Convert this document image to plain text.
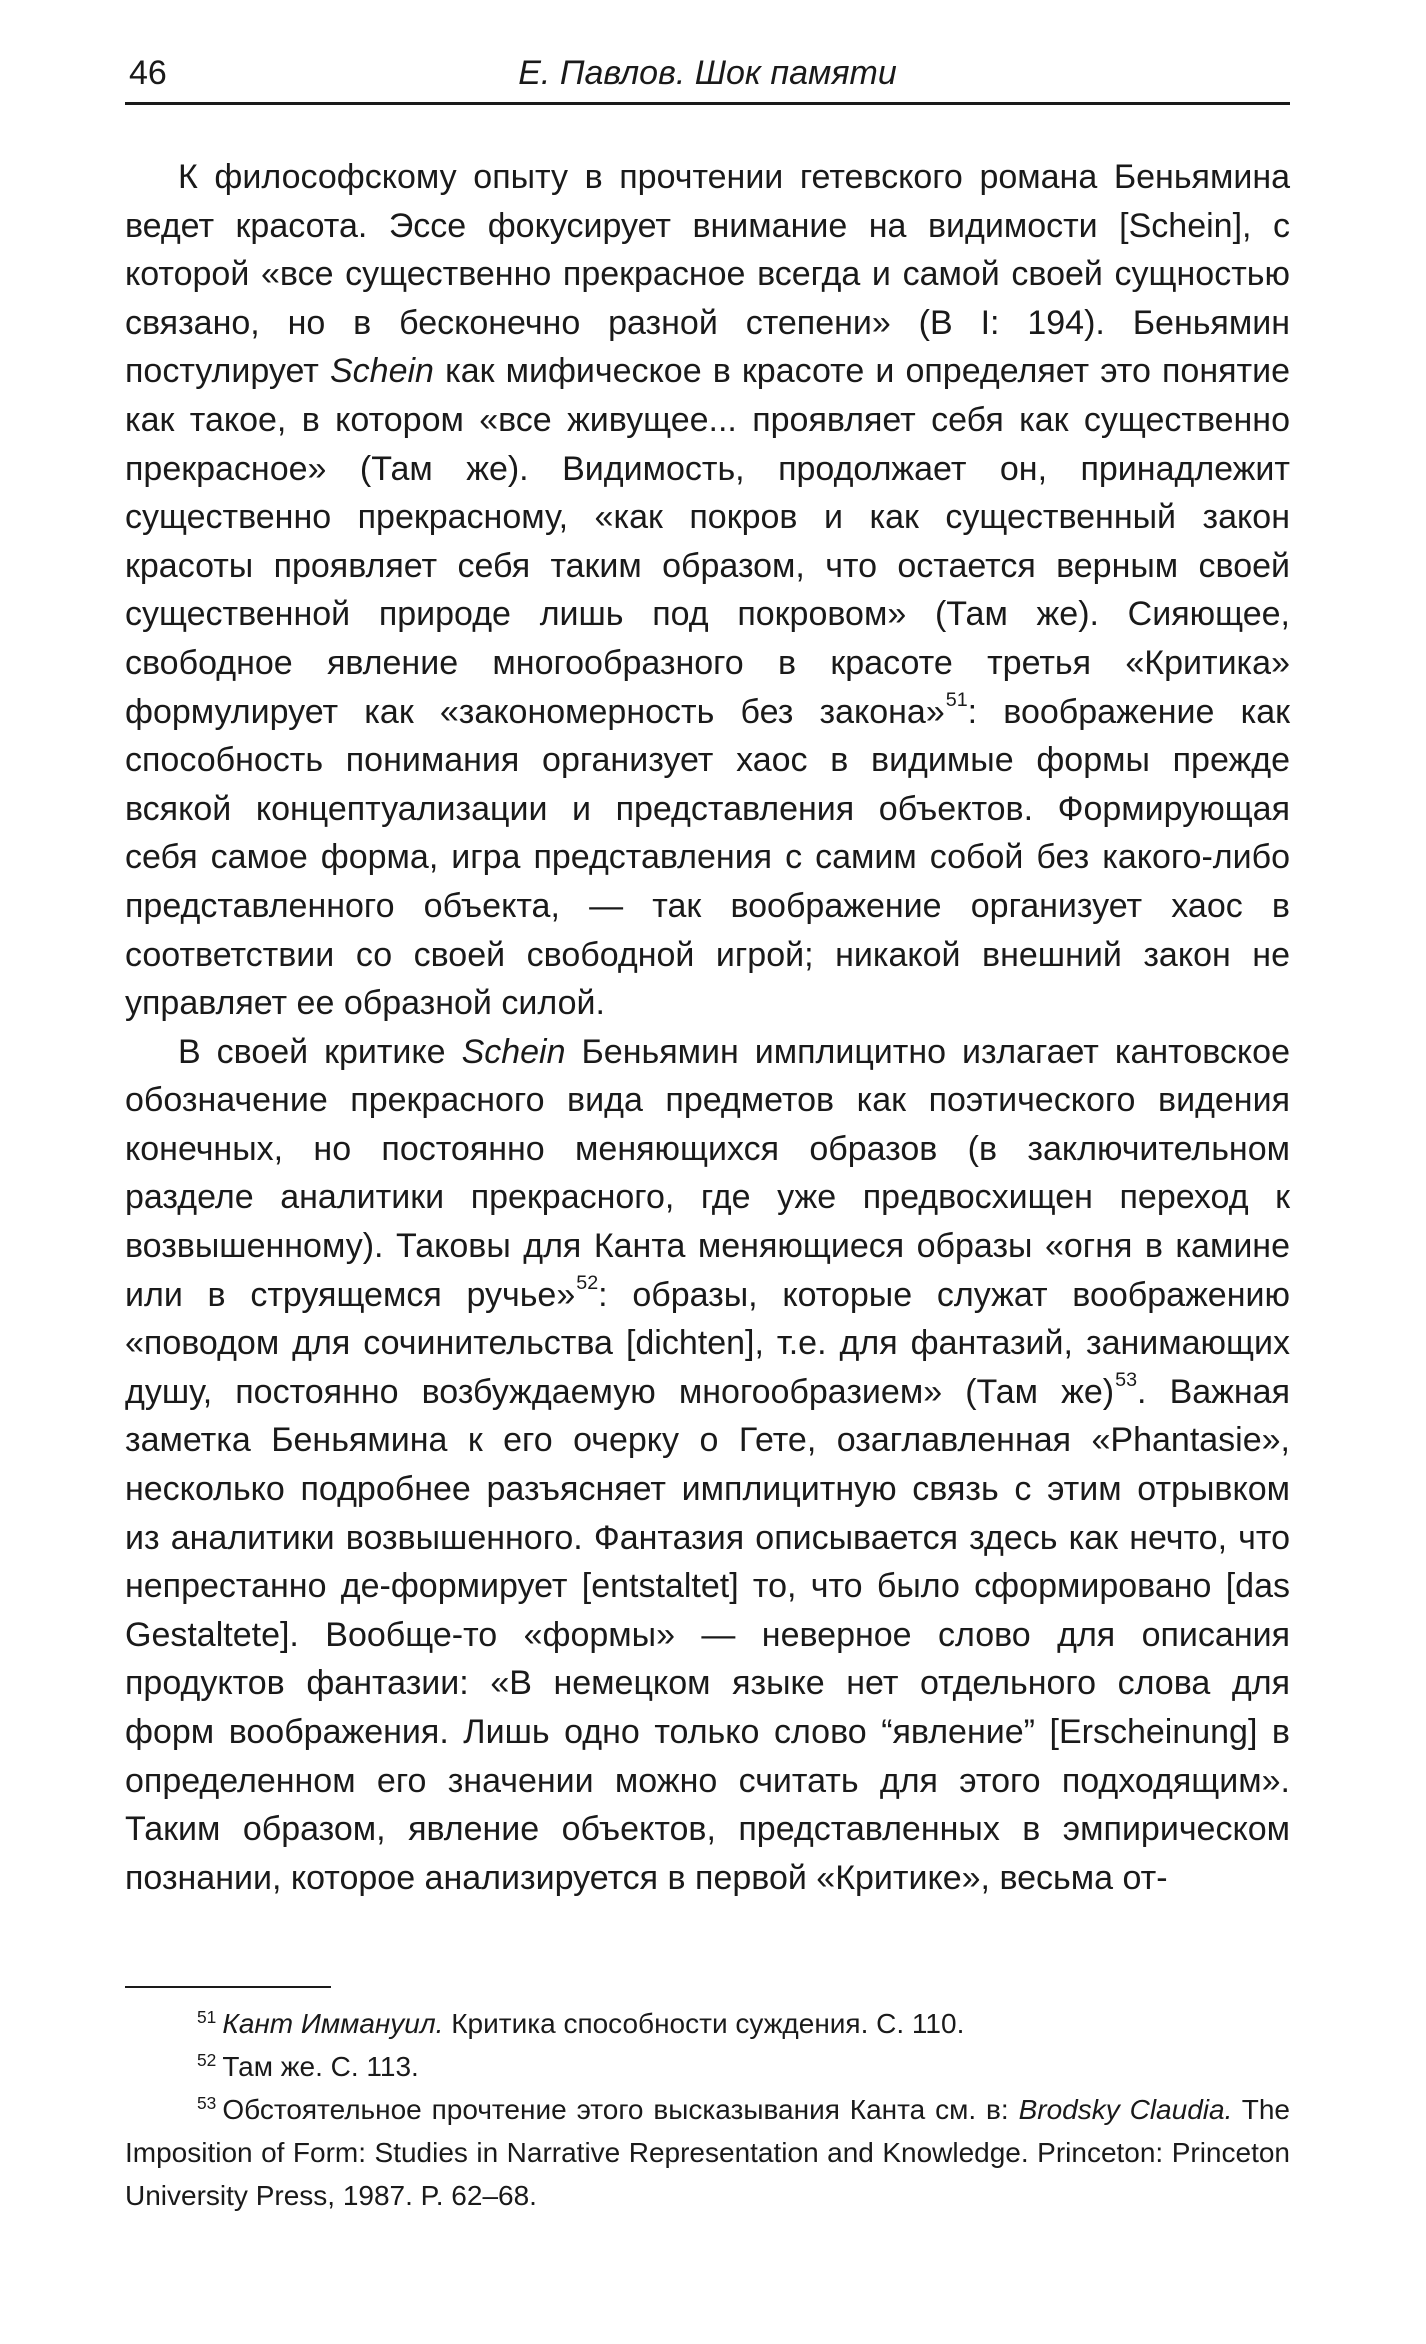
46	Е. Павлов. Шок памяти

К философскому опыту в прочтении гетевского романа Беньямина ведет красота. Эссе фокусирует внимание на видимости [Schein], с которой «все существенно прекрасное всегда и самой своей сущностью связано, но в бесконечно разной степени» (В I: 194). Беньямин постулирует Schein как мифическое в красоте и определяет это понятие как такое, в котором «все живущее... проявляет себя как существенно прекрасное» (Там же). Видимость, продолжает он, принадлежит существенно прекрасному, «как покров и как существенный закон красоты проявляет себя таким образом, что остается верным своей существенной природе лишь под покровом» (Там же). Сияющее, свободное явление многообразного в красоте третья «Критика» формулирует как «закономерность без закона»$^{51}$: воображение как способность понимания организует хаос в видимые формы прежде всякой концептуализации и представления объектов. Формирующая себя самое форма, игра представления с самим собой без какого-либо представленного объекта, — так воображение организует хаос в соответствии со своей свободной игрой; никакой внешний закон не управляет ее образной силой.

В своей критике Schein Беньямин имплицитно излагает кантовское обозначение прекрасного вида предметов как поэтического видения конечных, но постоянно меняющихся образов (в заключительном разделе аналитики прекрасного, где уже предвосхищен переход к возвышенному). Таковы для Канта меняющиеся образы «огня в камине или в струящемся ручье»$^{52}$: образы, которые служат воображению «поводом для сочинительства [dichten], т.е. для фантазий, занимающих душу, постоянно возбуждаемую многообразием» (Там же)$^{53}$. Важная заметка Беньямина к его очерку о Гете, озаглавленная «Phantasie», несколько подробнее разъясняет имплицитную связь с этим отрывком из аналитики возвышенного. Фантазия описывается здесь как нечто, что непрестанно де-формирует [entstaltet] то, что было сформировано [das Gestaltete]. Вообще-то «формы» — неверное слово для описания продуктов фантазии: «В немецком языке нет отдельного слова для форм воображения. Лишь одно только слово “явление” [Erscheinung] в определенном его значении можно считать для этого подходящим». Таким образом, явление объектов, представленных в эмпирическом познании, которое анализируется в первой «Критике», весьма от-

$^{51}$ Кант Иммануил. Критика способности суждения. С. 110.

$^{52}$ Там же. С. 113.

$^{53}$ Обстоятельное прочтение этого высказывания Канта см. в: Brodsky Claudia. The Imposition of Form: Studies in Narrative Representation and Knowledge. Princeton: Princeton University Press, 1987. P. 62–68.
